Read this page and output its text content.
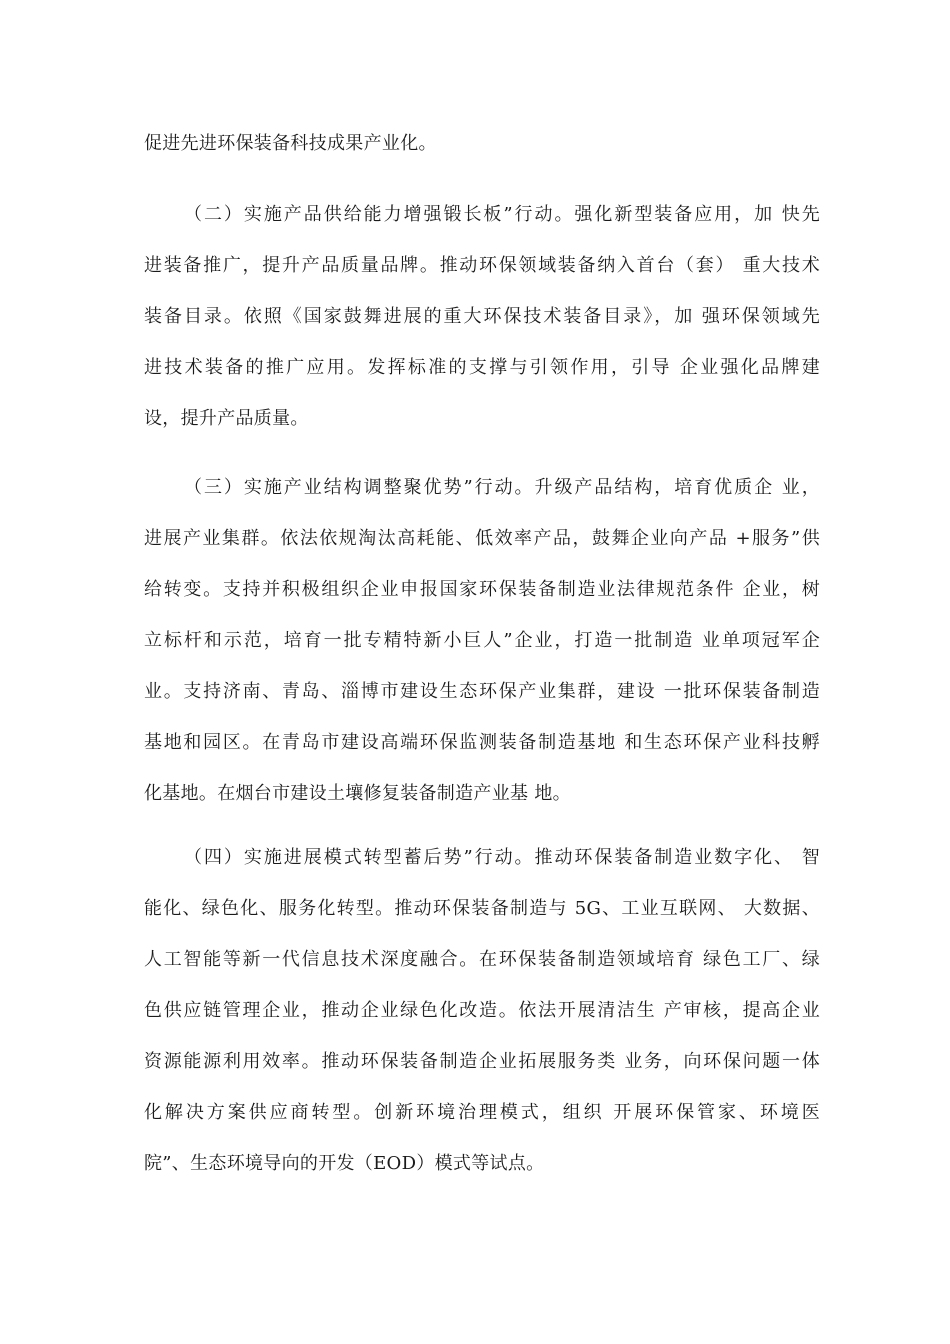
促进先进环保装备科技成果产业化。
（二）实施产品供给能力增强锻长板”行动。强化新型装备应用，加 快先
进装备推广，提升产品质量品牌。推动环保领域装备纳入首台（套） 重大技术
装备目录。依照《国家鼓舞进展的重大环保技术装备目录》，加 强环保领域先
进技术装备的推广应用。发挥标准的支撑与引领作用，引导 企业强化品牌建
设，提升产品质量。
（三）实施产业结构调整聚优势”行动。升级产品结构，培育优质企 业，
进展产业集群。依法依规淘汰高耗能、低效率产品，鼓舞企业向产品 +服务”供
给转变。支持并积极组织企业申报国家环保装备制造业法律规范条件 企业，树
立标杆和示范，培育一批专精特新小巨人”企业，打造一批制造 业单项冠军企
业。支持济南、青岛、淄博市建设生态环保产业集群，建设 一批环保装备制造
基地和园区。在青岛市建设高端环保监测装备制造基地 和生态环保产业科技孵
化基地。在烟台市建设土壤修复装备制造产业基 地。
（四）实施进展模式转型蓄后势”行动。推动环保装备制造业数字化、 智
能化、绿色化、服务化转型。推动环保装备制造与 5G、工业互联网、 大数据、
人工智能等新一代信息技术深度融合。在环保装备制造领域培育 绿色工厂、绿
色供应链管理企业，推动企业绿色化改造。依法开展清洁生 产审核，提高企业
资源能源利用效率。推动环保装备制造企业拓展服务类 业务，向环保问题一体
化解决方案供应商转型。创新环境治理模式，组织 开展环保管家、环境医
院”、生态环境导向的开发（EOD）模式等试点。
